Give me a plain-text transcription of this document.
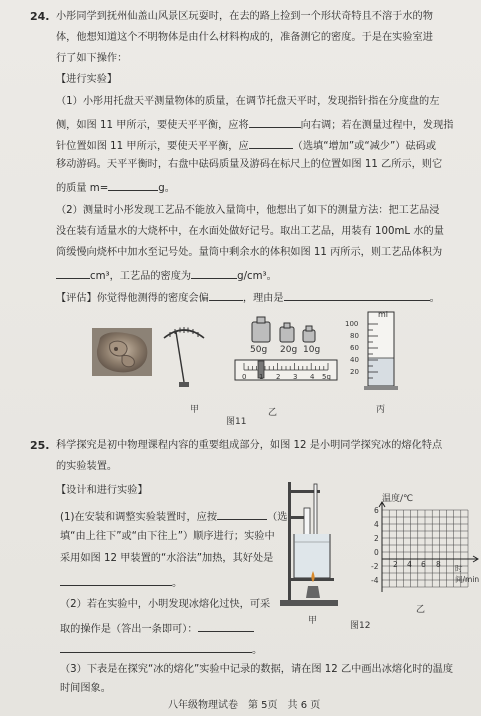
24. 小彤同学到抚州仙盖山风景区玩耍时，在去的路上捡到一个形状奇特且不溶于水的物
体，他想知道这个不明物体是由什么材料构成的，准备测它的密度。于是在实验室进
行了如下操作：
【进行实验】
（1）小彤用托盘天平测量物体的质量，在调节托盘天平时，发现指针指在分度盘的左
侧，如图 11 甲所示，要使天平平衡，应将	向右调；若在测量过程中，发现指
针位置如图 11 甲所示，要使天平平衡，应	（选填“增加”或“减少”）砝码或
移动游码。天平平衡时，右盘中砝码质量及游码在标尺上的位置如图 11 乙所示，则它
的质量 m=	g。
（2）测量时小彤发现工艺品不能放入量筒中，他想出了如下的测量方法：把工艺品浸
没在装有适量水的大烧杯中，在水面处做好记号。取出工艺品，用装有 100mL 水的量
筒缓慢向烧杯中加水至记号处。量筒中剩余水的体积如图 11 丙所示，则工艺品体积为
cm³，工艺品的密度为	g/cm³。
【评估】你觉得他测得的密度会偏	，理由是	。
甲
50g 20g 10g
0 1 2 3 4 5g
乙
图11
ml
100
80
60
40
20
丙
25. 科学探究是初中物理课程内容的重要组成部分，如图 12 是小明同学探究冰的熔化特点
的实验装置。
【设计和进行实验】
(1)在安装和调整实验装置时，应按	（选
填“由上往下”或“由下往上”）顺序进行；实验中
采用如图 12 甲装置的“水浴法”加热，其好处是
。
（2）若在实验中，小明发现冰熔化过快，可采
取的操作是（答出一条即可）：
。
（3）下表是在探究“冰的熔化”实验中记录的数据，请在图 12 乙中画出冰熔化时的温度
时间图象。
甲	图12
温度/℃
6
4
2
0
-2
-4
2 4 6 8 时间/min
乙
八年级物理试卷　第 5页　共 6 页
